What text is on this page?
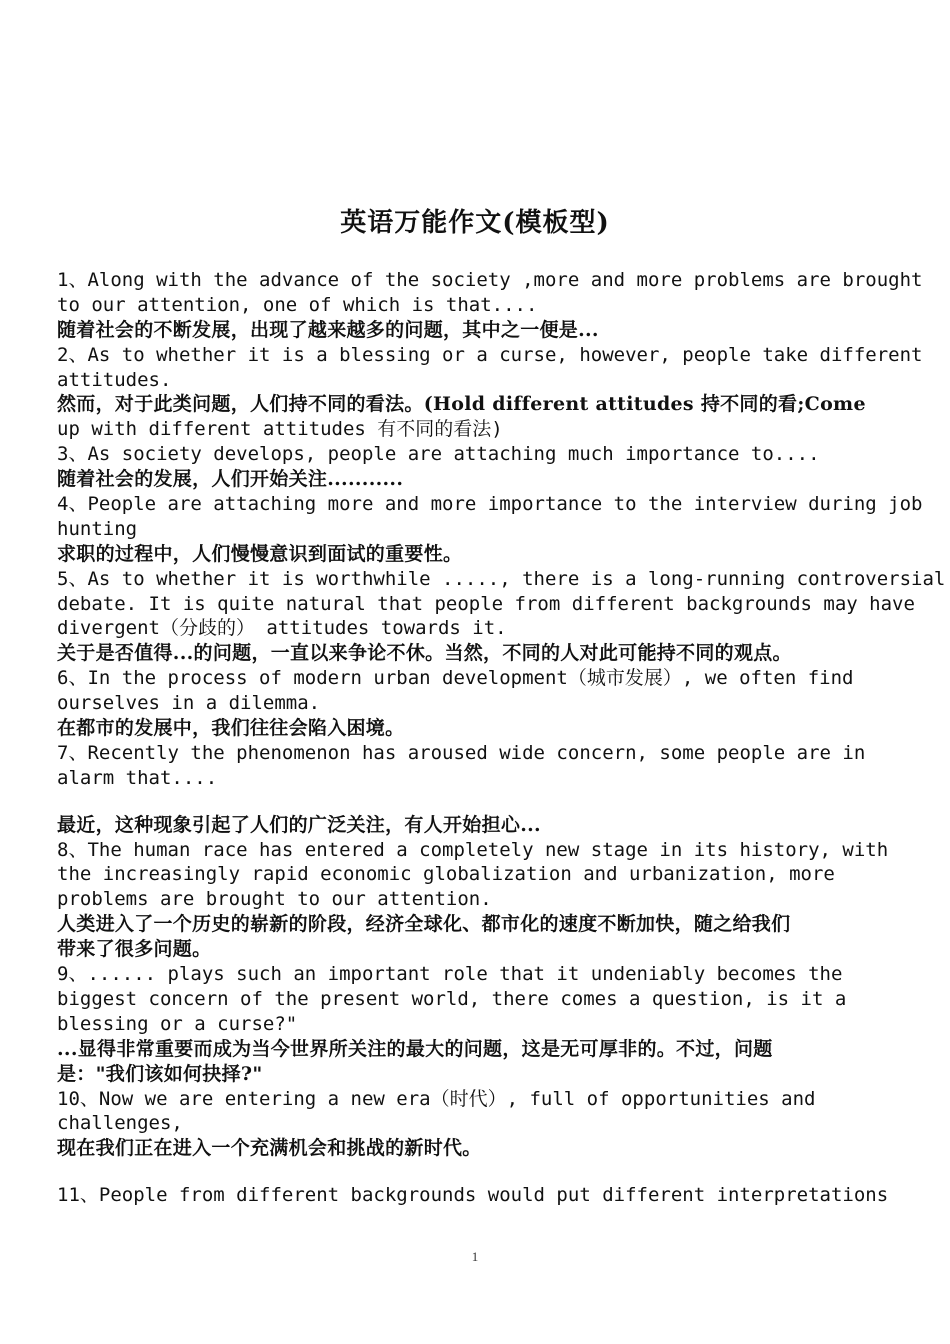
英语万能作文(模板型)
1、Along with the advance of the society ,more and more problems are brought
to our attention, one of which is that....
随着社会的不断发展，出现了越来越多的问题，其中之一便是...
2、As to whether it is a blessing or a curse, however, people take different
attitudes.
然而，对于此类问题，人们持不同的看法。(Hold different attitudes 持不同的看;Come
up with different attitudes 有不同的看法)
3、As society develops, people are attaching much importance to....
随着社会的发展，人们开始关注...........
4、People are attaching more and more importance to the interview during job
hunting
求职的过程中，人们慢慢意识到面试的重要性。
5、As to whether it is worthwhile ....., there is a long-running controversial
debate. It is quite natural that people from different backgrounds may have
divergent（分歧的） attitudes towards it.
关于是否值得...的问题，一直以来争论不休。当然，不同的人对此可能持不同的观点。
6、In the process of modern urban development（城市发展）, we often find
ourselves in a dilemma.
在都市的发展中，我们往往会陷入困境。
7、Recently the phenomenon has aroused wide concern, some people are in
alarm that....
最近，这种现象引起了人们的广泛关注，有人开始担心...
8、The human race has entered a completely new stage in its history, with
the increasingly rapid economic globalization and urbanization, more
problems are brought to our attention.
人类进入了一个历史的崭新的阶段，经济全球化、都市化的速度不断加快，随之给我们
带来了很多问题。
9、...... plays such an important role that it undeniably becomes the
biggest concern of the present world, there comes a question, is it a
blessing or a curse?"
...显得非常重要而成为当今世界所关注的最大的问题，这是无可厚非的。不过，问题
是："我们该如何抉择?"
10、Now we are entering a new era（时代）, full of opportunities and
challenges,
现在我们正在进入一个充满机会和挑战的新时代。
11、People from different backgrounds would put different interpretations
1
